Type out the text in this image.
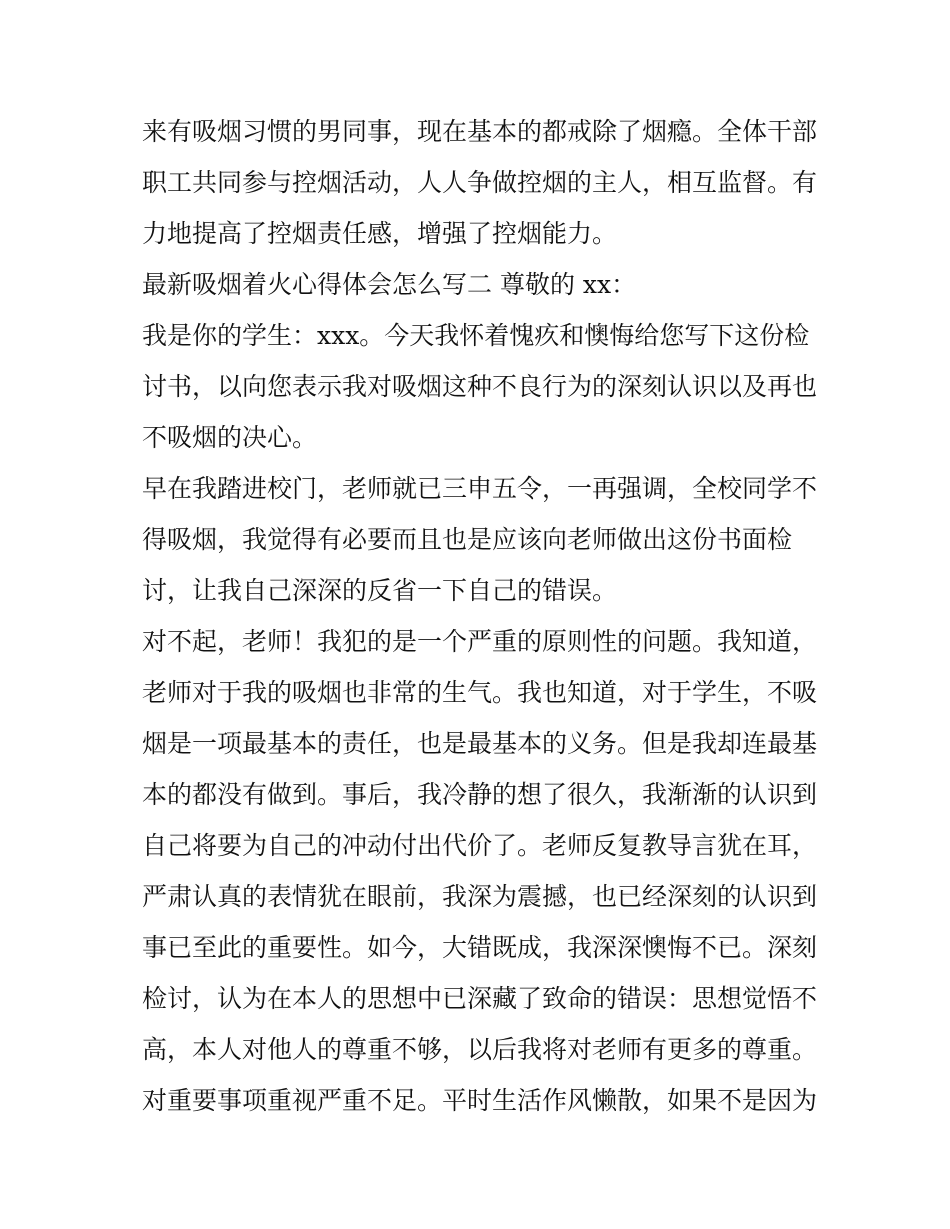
来有吸烟习惯的男同事，现在基本的都戒除了烟瘾。全体干部
职工共同参与控烟活动，人人争做控烟的主人，相互监督。有
力地提高了控烟责任感，增强了控烟能力。
最新吸烟着火心得体会怎么写二 尊敬的 xx：
我是你的学生：xxx。今天我怀着愧疚和懊悔给您写下这份检
讨书，以向您表示我对吸烟这种不良行为的深刻认识以及再也
不吸烟的决心。
早在我踏进校门，老师就已三申五令，一再强调，全校同学不
得吸烟，我觉得有必要而且也是应该向老师做出这份书面检
讨，让我自己深深的反省一下自己的错误。
对不起，老师！我犯的是一个严重的原则性的问题。我知道，
老师对于我的吸烟也非常的生气。我也知道，对于学生，不吸
烟是一项最基本的责任，也是最基本的义务。但是我却连最基
本的都没有做到。事后，我冷静的想了很久，我渐渐的认识到
自己将要为自己的冲动付出代价了。老师反复教导言犹在耳，
严肃认真的表情犹在眼前，我深为震撼，也已经深刻的认识到
事已至此的重要性。如今，大错既成，我深深懊悔不已。深刻
检讨，认为在本人的思想中已深藏了致命的错误：思想觉悟不
高，本人对他人的尊重不够，以后我将对老师有更多的尊重。
对重要事项重视严重不足。平时生活作风懒散，如果不是因为
